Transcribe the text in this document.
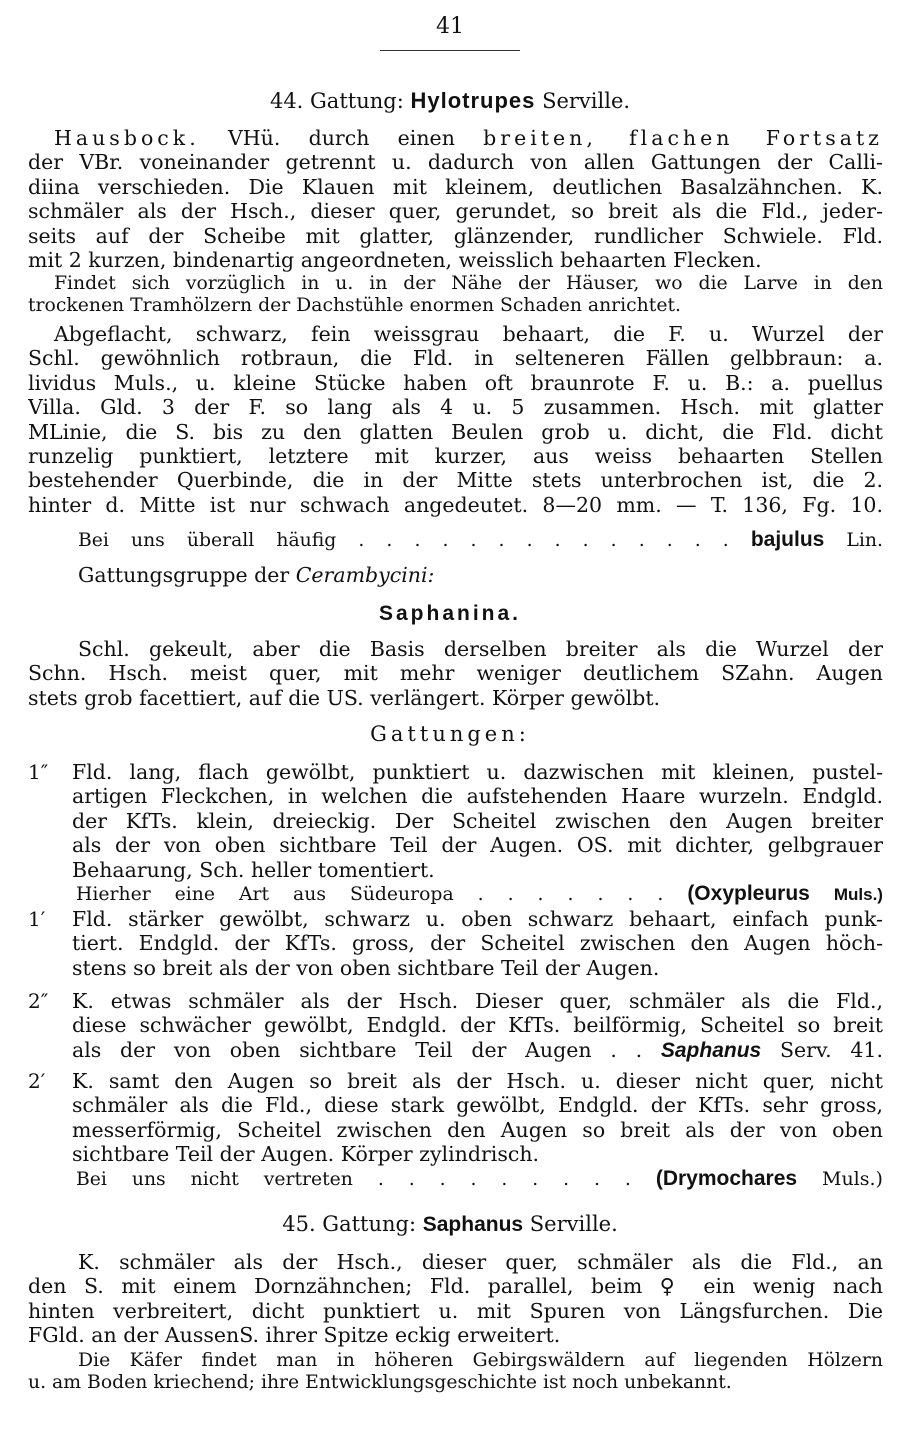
41
44. Gattung: Hylotrupes Serville.
Hausbock. VHü. durch einen breiten, flachen Fortsatz
der VBr. voneinander getrennt u. dadurch von allen Gattungen der Calli-
diina verschieden. Die Klauen mit kleinem, deutlichen Basalzähnchen. K.
schmäler als der Hsch., dieser quer, gerundet, so breit als die Fld., jeder-
seits auf der Scheibe mit glatter, glänzender, rundlicher Schwiele. Fld.
mit 2 kurzen, bindenartig angeordneten, weisslich behaarten Flecken.
Findet sich vorzüglich in u. in der Nähe der Häuser, wo die Larve in den
trockenen Tramhölzern der Dachstühle enormen Schaden anrichtet.
Abgeflacht, schwarz, fein weissgrau behaart, die F. u. Wurzel der
Schl. gewöhnlich rotbraun, die Fld. in selteneren Fällen gelbbraun: a.
lividus Muls., u. kleine Stücke haben oft braunrote F. u. B.: a. puellus
Villa. Gld. 3 der F. so lang als 4 u. 5 zusammen. Hsch. mit glatter
MLinie, die S. bis zu den glatten Beulen grob u. dicht, die Fld. dicht
runzelig punktiert, letztere mit kurzer, aus weiss behaarten Stellen
bestehender Querbinde, die in der Mitte stets unterbrochen ist, die 2.
hinter d. Mitte ist nur schwach angedeutet. 8—20 mm. — T. 136, Fg. 10.
Bei uns überall häufig . . . . . . . . . . . . . . bajulus Lin.
Gattungsgruppe der Cerambycini:
Saphanina.
Schl. gekeult, aber die Basis derselben breiter als die Wurzel der
Schn. Hsch. meist quer, mit mehr weniger deutlichem SZahn. Augen
stets grob facettiert, auf die US. verlängert. Körper gewölbt.
Gattungen:
1″ Fld. lang, flach gewölbt, punktiert u. dazwischen mit kleinen, pustel-
artigen Fleckchen, in welchen die aufstehenden Haare wurzeln. Endgld.
der KfTs. klein, dreieckig. Der Scheitel zwischen den Augen breiter
als der von oben sichtbare Teil der Augen. OS. mit dichter, gelbgrauer
Behaarung, Sch. heller tomentiert.
Hierher eine Art aus Südeuropa . . . . . . . (Oxypleurus Muls.)
1′ Fld. stärker gewölbt, schwarz u. oben schwarz behaart, einfach punk-
tiert. Endgld. der KfTs. gross, der Scheitel zwischen den Augen höch-
stens so breit als der von oben sichtbare Teil der Augen.
2″ K. etwas schmäler als der Hsch. Dieser quer, schmäler als die Fld.,
diese schwächer gewölbt, Endgld. der KfTs. beilförmig, Scheitel so breit
als der von oben sichtbare Teil der Augen . . Saphanus Serv. 41.
2′ K. samt den Augen so breit als der Hsch. u. dieser nicht quer, nicht
schmäler als die Fld., diese stark gewölbt, Endgld. der KfTs. sehr gross,
messerförmig, Scheitel zwischen den Augen so breit als der von oben
sichtbare Teil der Augen. Körper zylindrisch.
Bei uns nicht vertreten . . . . . . . . . (Drymochares Muls.)
45. Gattung: Saphanus Serville.
K. schmäler als der Hsch., dieser quer, schmäler als die Fld., an
den S. mit einem Dornzähnchen; Fld. parallel, beim ♀ ein wenig nach
hinten verbreitert, dicht punktiert u. mit Spuren von Längsfurchen. Die
FGld. an der AussenS. ihrer Spitze eckig erweitert.
Die Käfer findet man in höheren Gebirgswäldern auf liegenden Hölzern
u. am Boden kriechend; ihre Entwicklungsgeschichte ist noch unbekannt.
